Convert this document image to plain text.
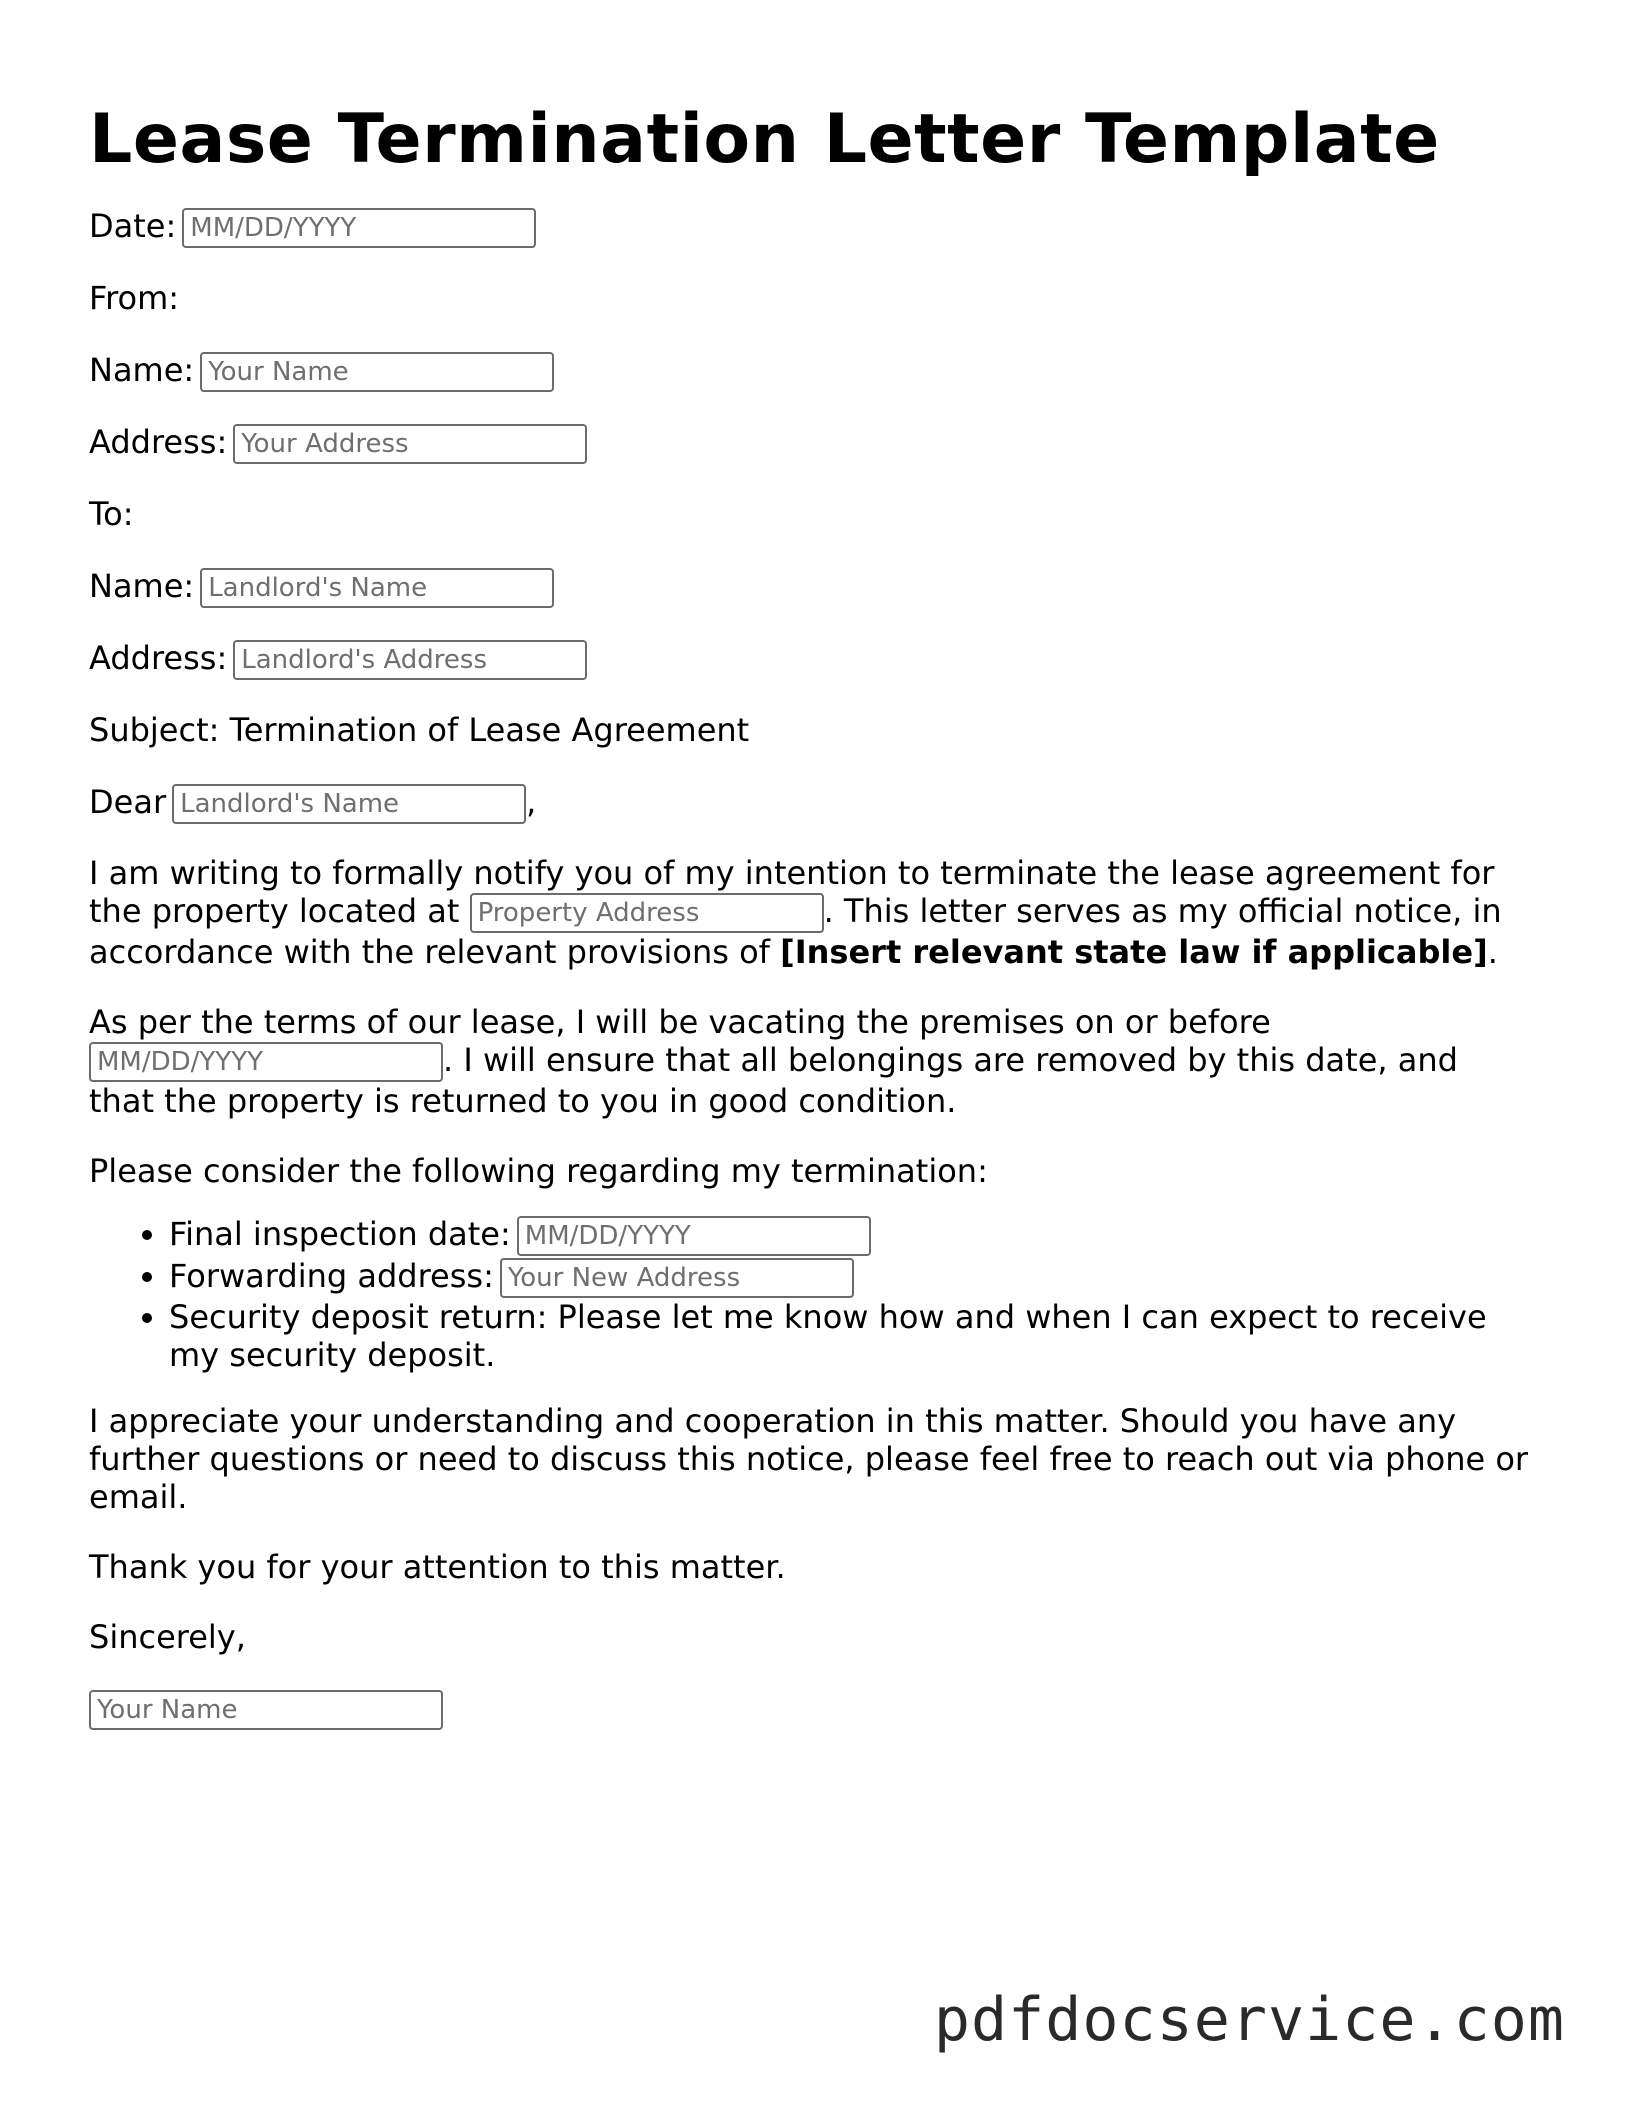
Lease Termination Letter Template
Date:MM/DD/YYYY
From:
Name:Your Name
Address:Your Address
To:
Name:Landlord's Name
Address:Landlord's Address
Subject: Termination of Lease Agreement
DearLandlord's Name	,

I am writing to formally notify you of my intention to terminate the lease agreement for the property located at Property Address	. This letter serves as my official notice, in accordance with the relevant provisions of [Insert relevant state law if applicable].

As per the terms of our lease, I will be vacating the premises on or before MM/DD/YYYY. I will ensure that all belongings are removed by this date, and that the property is returned to you in good condition.

Please consider the following regarding my termination:

• Final inspection date:MM/DD/YYYY
• Forwarding address:Your New Address
• Security deposit return: Please let me know how and when I can expect to receive my security deposit.

I appreciate your understanding and cooperation in this matter. Should you have any further questions or need to discuss this notice, please feel free to reach out via phone or email.

Thank you for your attention to this matter.

Sincerely,

Your Name
pdfdocservice.com
